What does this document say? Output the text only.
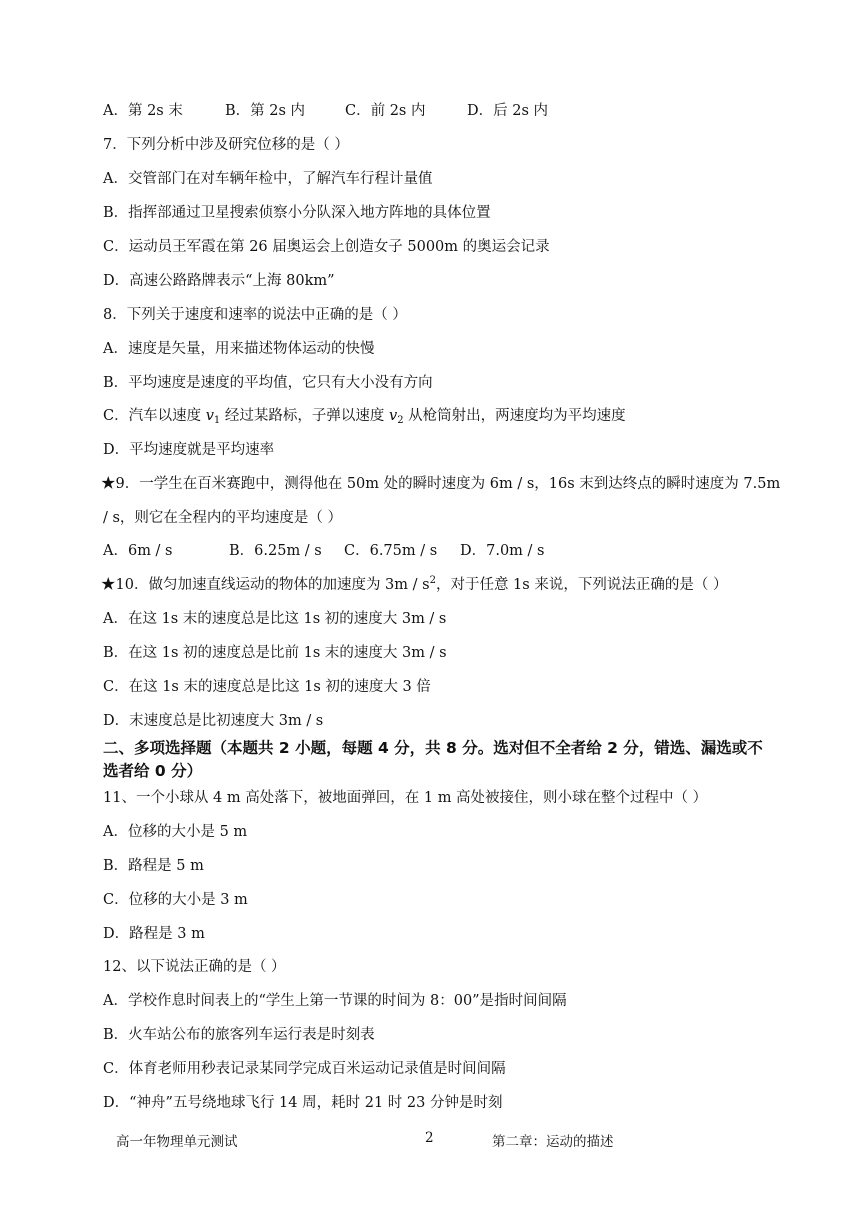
A．第 2s 末	B．第 2s 内	C．前 2s 内	D．后 2s 内
7．下列分析中涉及研究位移的是（ ）
A．交管部门在对车辆年检中，了解汽车行程计量值
B．指挥部通过卫星搜索侦察小分队深入地方阵地的具体位置
C．运动员王军霞在第 26 届奥运会上创造女子 5000m 的奥运会记录
D．高速公路路牌表示“上海 80km”
8．下列关于速度和速率的说法中正确的是（ ）
A．速度是矢量，用来描述物体运动的快慢
B．平均速度是速度的平均值，它只有大小没有方向
C．汽车以速度 $v_1$ 经过某路标，子弹以速度 $v_2$ 从枪筒射出，两速度均为平均速度
D．平均速度就是平均速率
★9．一学生在百米赛跑中，测得他在 50m 处的瞬时速度为 6m / s，16s 末到达终点的瞬时速度为 7.5m
/ s，则它在全程内的平均速度是（ ）
A．6m / s	B．6.25m / s C．6.75m / s D．7.0m / s
★10．做匀加速直线运动的物体的加速度为 $3m / s^2$，对于任意 1s 来说，下列说法正确的是（ ）
A．在这 1s 末的速度总是比这 1s 初的速度大 3m / s
B．在这 1s 初的速度总是比前 1s 末的速度大 3m / s
C．在这 1s 末的速度总是比这 1s 初的速度大 3 倍
D．末速度总是比初速度大 3m / s
二、多项选择题（本题共 2 小题，每题 4 分，共 8 分。选对但不全者给 2 分，错选、漏选或不选者给 0 分）
11、一个小球从 4 m 高处落下，被地面弹回，在 1 m 高处被接住，则小球在整个过程中（ ）
A．位移的大小是 5 m
B．路程是 5 m
C．位移的大小是 3 m
D．路程是 3 m
12、以下说法正确的是（ ）
A．学校作息时间表上的“学生上第一节课的时间为 8：00”是指时间间隔
B．火车站公布的旅客列车运行表是时刻表
C．体育老师用秒表记录某同学完成百米运动记录值是时间间隔
D．“神舟”五号绕地球飞行 14 周，耗时 21 时 23 分钟是时刻
高一年物理单元测试	2	第二章：运动的描述
